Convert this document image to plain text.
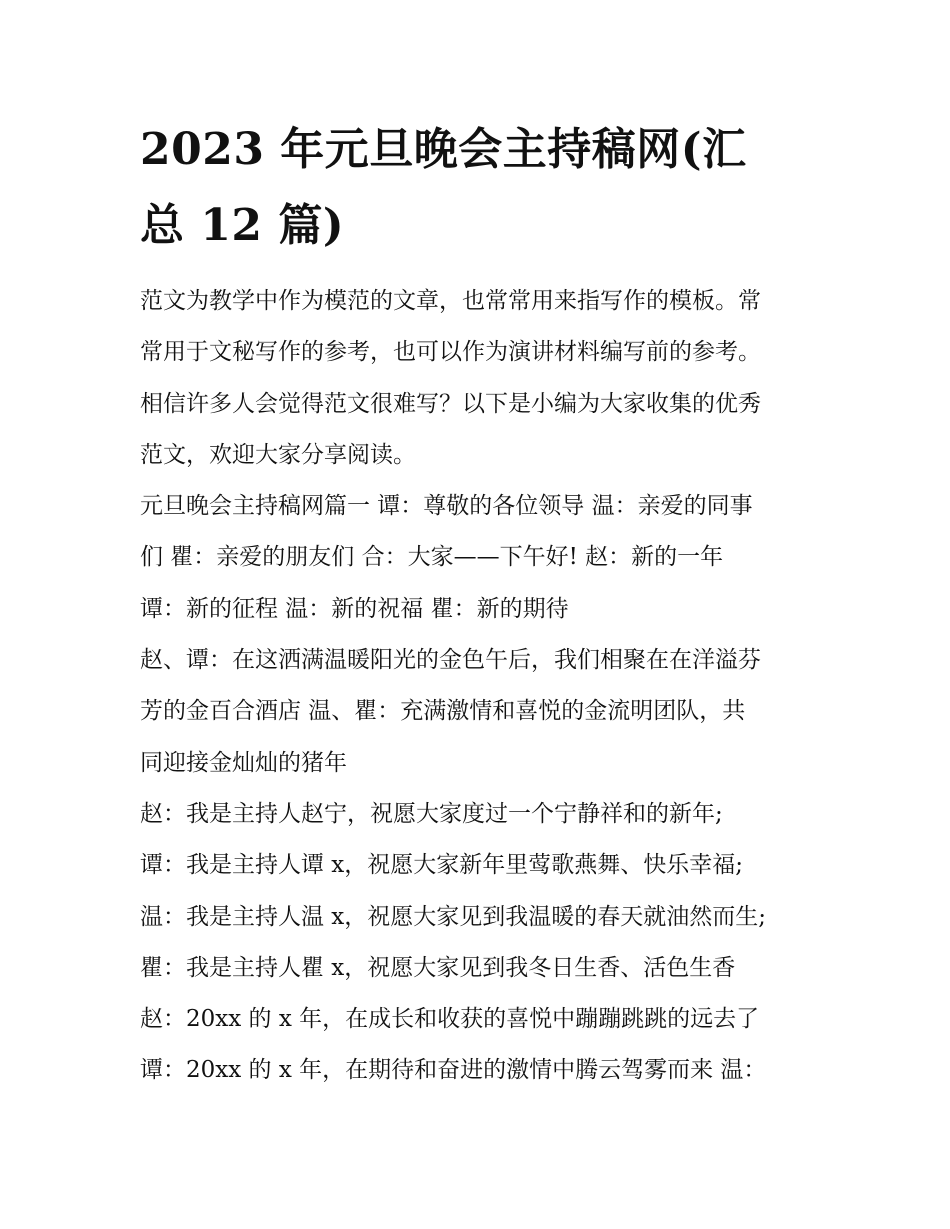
2023 年元旦晚会主持稿网(汇
总 12 篇)

范文为教学中作为模范的文章，也常常用来指写作的模板。常

常用于文秘写作的参考，也可以作为演讲材料编写前的参考。

相信许多人会觉得范文很难写？以下是小编为大家收集的优秀

范文，欢迎大家分享阅读。

元旦晚会主持稿网篇一 谭：尊敬的各位领导 温：亲爱的同事

们 瞿：亲爱的朋友们 合：大家——下午好! 赵：新的一年

谭：新的征程 温：新的祝福 瞿：新的期待

赵、谭：在这洒满温暖阳光的金色午后，我们相聚在在洋溢芬

芳的金百合酒店 温、瞿：充满激情和喜悦的金流明团队，共

同迎接金灿灿的猪年

赵：我是主持人赵宁，祝愿大家度过一个宁静祥和的新年;

谭：我是主持人谭 x，祝愿大家新年里莺歌燕舞、快乐幸福;

温：我是主持人温 x，祝愿大家见到我温暖的春天就油然而生;

瞿：我是主持人瞿 x，祝愿大家见到我冬日生香、活色生香

赵：20xx 的 x 年，在成长和收获的喜悦中蹦蹦跳跳的远去了

谭：20xx 的 x 年，在期待和奋进的激情中腾云驾雾而来 温：
